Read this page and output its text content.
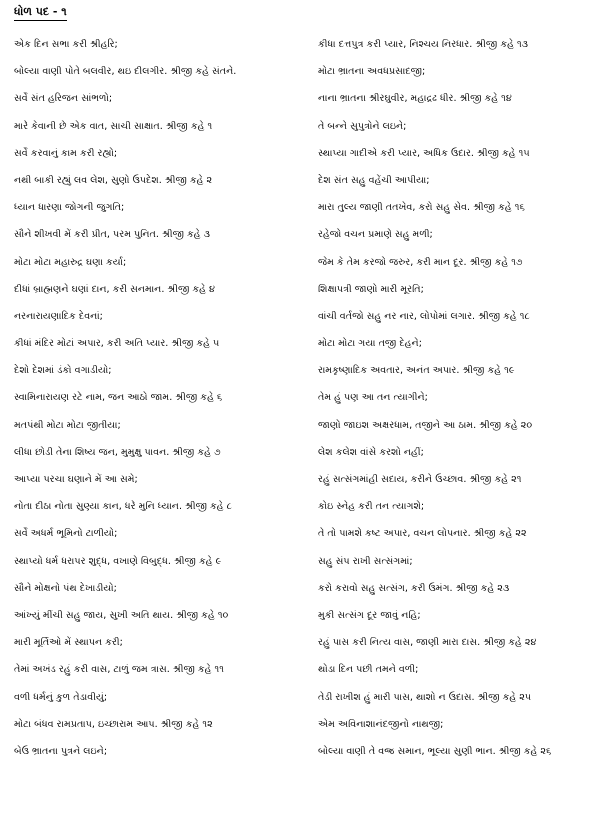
ધોળ પદ - ૧
એક દિન સભા કરી શ્રીહરિ;
બોલ્યા વાણી પોતે બલવીર, થઇ દીલગીર. શ્રીજી કહે સંતને.
સર્વે સંત હરિજન સાંભળો;
મારે કેવાની છે એક વાત, સાચી સાક્ષાત. શ્રીજી કહે ૧
સર્વે કરવાનું કામ કરી રહ્યો;
નથી બાકી રહ્યું લવ લેશ, સુણો ઉપદેશ. શ્રીજી કહે ૨
ધ્યાન ધારણા જોગની જુગતિ;
સૌને શીખવી મેં કરી પ્રીત, પરમ પુનિત. શ્રીજી કહે ૩
મોટા મોટા મહારુદ્ર ઘણા કર્યા;
દીધાં બ્રાહ્મણને ઘણાં દાન, કરી સનમાન. શ્રીજી કહે ૪
નરનારાયણાદિક દેવનાં;
કીધાં મંદિર મોટાં અપાર, કરી અતિ પ્યાર. શ્રીજી કહે ૫
દેશો દેશમાં ડંકો વગાડીયો;
સ્વામિનારાયણ રટે નામ, જન આઠો જામ. શ્રીજી કહે ૬
મતપંથી મોટા મોટા જીતીયા;
લીધા છોડી તેના શિષ્ય જન, મુમુક્ષુ પાવન. શ્રીજી કહે ૭
આપ્યા પરચા ઘણાને મેં આ સમે;
નોતા દીઠા નોતા સુણ્યા કાન, ધરે મુનિ ધ્યાન. શ્રીજી કહે ૮
સર્વે અધર્મ ભૂમિનો ટાળીયો;
સ્થાપ્યો ધર્મ ધરાપર શુદ્ધ, વખાણે વિબુદ્ધ. શ્રીજી કહે ૯
સૌને મોક્ષનો પંથ દેખાડીયો;
આંખ્યું મીંચી સહુ જાય, સુખી અતિ થાય. શ્રીજી કહે ૧૦
મારી મૂર્તિઓ મેં સ્થાપન કરી;
તેમાં અખંડ રહું કરી વાસ, ટાળું જમ ત્રાસ. શ્રીજી કહે ૧૧
વળી ધર્મનું કુળ તેડાવીયું;
મોટા બંધવ રામપ્રતાપ, ઇચ્છારામ આપ. શ્રીજી કહે ૧૨
બેઉ ભ્રાતના પુત્રને લઇને;
કીધા દત્તપુત્ર કરી પ્યાર, નિશ્ચય નિરધાર. શ્રીજી કહે ૧૩
મોટા ભ્રાતના અવધપ્રસાદજી;
નાના ભ્રાતના શ્રીરઘુવીર, મહાદ્રઢ ધીર. શ્રીજી કહે ૧૪
તે બન્ને સુપુત્રોને લઇને;
સ્થાપ્યા ગાદીએ કરી પ્યાર, અધિક ઉદાર. શ્રીજી કહે ૧૫
દેશ સંત સહુ વહેંચી આપીયા;
મારા તુલ્ય જાણી તતખેવ, કરો સહુ સેવ. શ્રીજી કહે ૧૬
રહેજો વચન પ્રમાણે સહુ મળી;
જેમ કે તેમ કરજો જરુર, કરી માન દૂર. શ્રીજી કહે ૧૭
શિક્ષાપત્રી જાણો મારી મૂરતિ;
વાંચી વર્તજો સહુ નર નાર, લોપોમાં લગાર. શ્રીજી કહે ૧૮
મોટા મોટા ગયા તજી દેહને;
રામકૃષ્ણાદિક અવતાર, અનંત અપાર. શ્રીજી કહે ૧૯
તેમ હું પણ આ તન ત્યાગીને;
જાણો જાઇશ અક્ષરધામ, તજીને આ ઠામ. શ્રીજી કહે ૨૦
લેશ કલેશ વાંસે કરશો નહીં;
રહું સત્સંગમાંહી સદાય, કરીને ઉચ્છાવ. શ્રીજી કહે ૨૧
કોઇ સ્નેહ કરી તન ત્યાગશે;
તે તો પામશે કષ્ટ અપાર, વચન લોપનાર. શ્રીજી કહે ૨૨
સહુ સંપ રાખી સત્સંગમાં;
કરો કરાવો સહુ સત્સંગ, કરી ઉમંગ. શ્રીજી કહે ૨૩
મુકી સત્સંગ દૂર જાવું નહિ;
રહું પાસ કરી નિત્ય વાસ, જાણી મારા દાસ. શ્રીજી કહે ૨૪
થોડા દિન પછી તમને વળી;
તેડી રાખીશ હું મારી પાસ, થાશો ન ઉદાસ. શ્રીજી કહે ૨૫
એમ અવિનાશાનંદજીનો નાથજી;
બોલ્યા વાણી તે વજ્ર સમાન, ભૂલ્યા સુણી ભાન. શ્રીજી કહે ૨૬
